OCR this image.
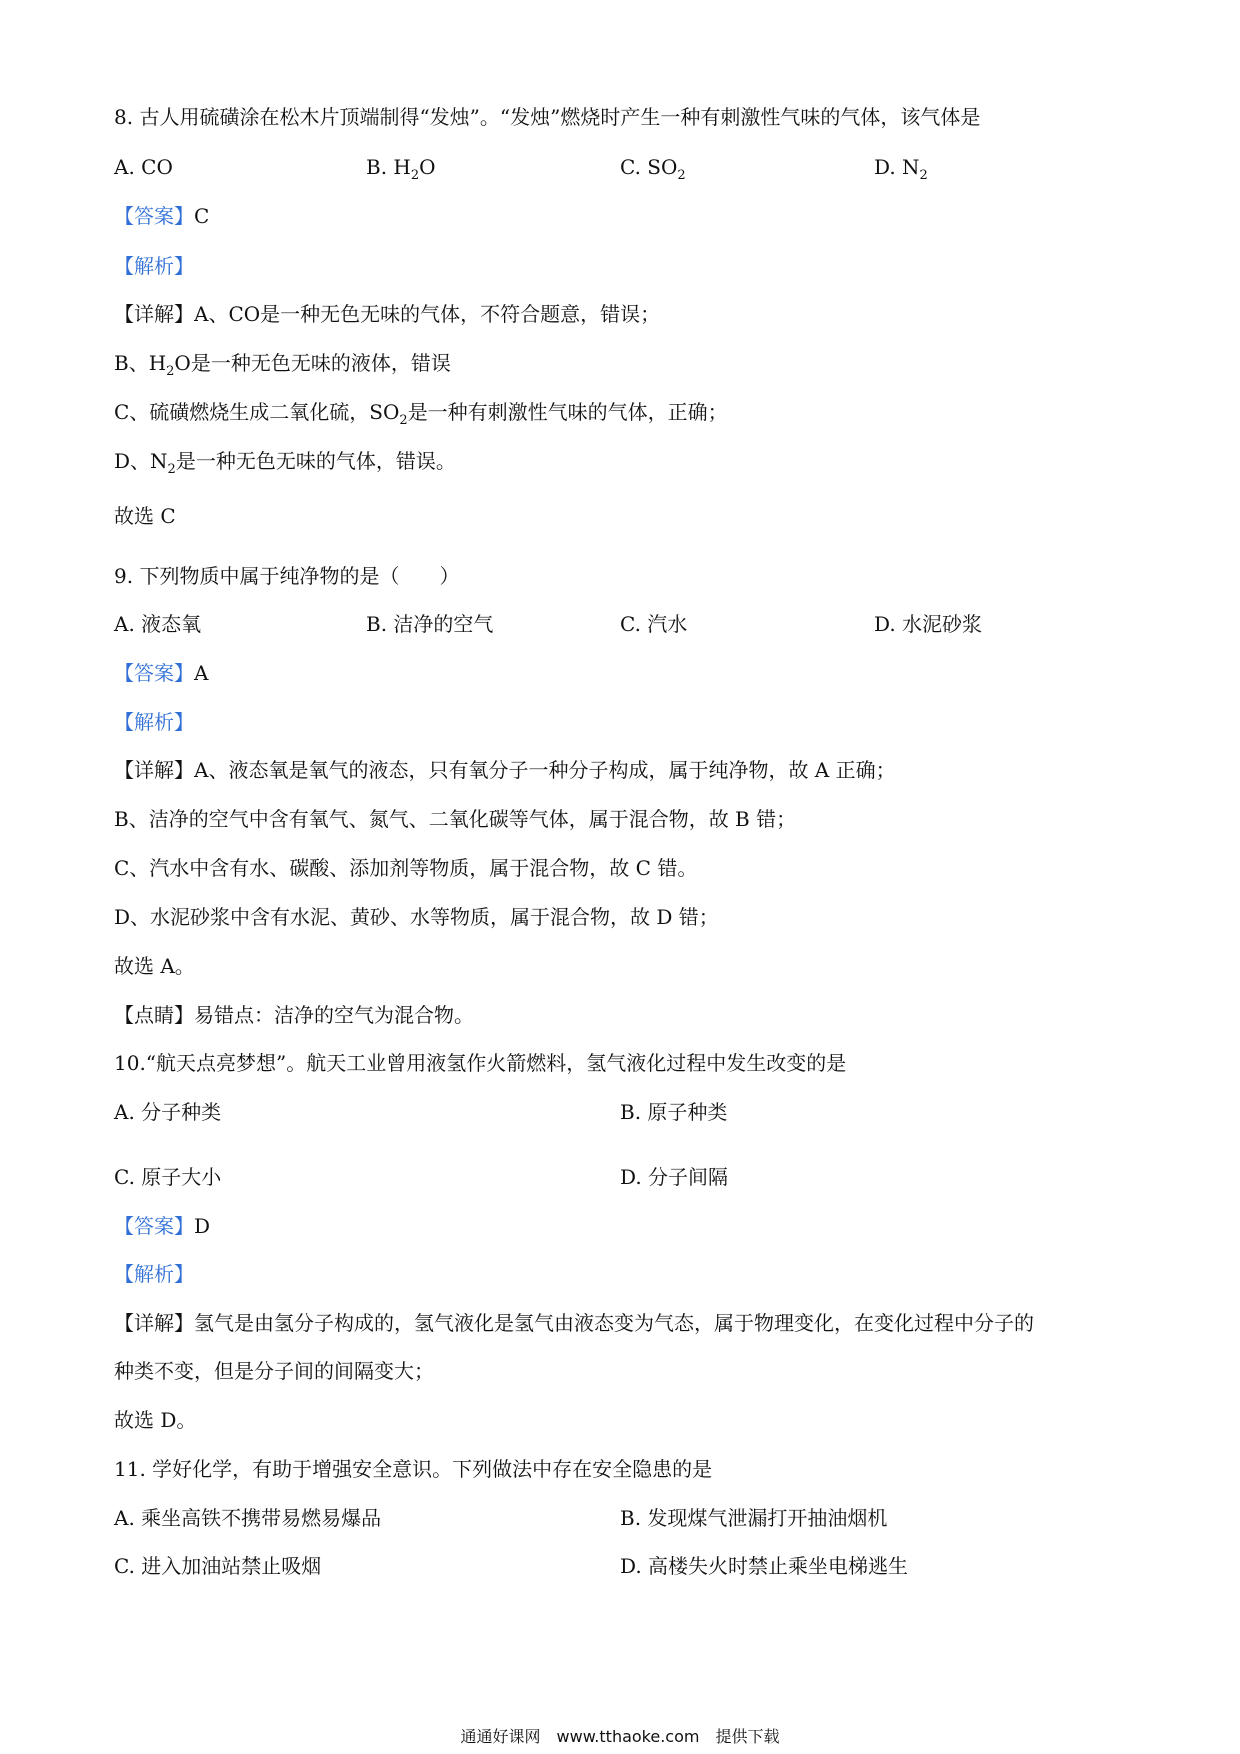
8. 古人用硫磺涂在松木片顶端制得“发烛”。“发烛”燃烧时产生一种有刺激性气味的气体，该气体是
A. CO	B. $H_2O$	C. $SO_2$	D. $N_2$
【答案】C
【解析】
【详解】A、CO是一种无色无味的气体，不符合题意，错误；
B、$H_2O$是一种无色无味的液体，错误
C、硫磺燃烧生成二氧化硫，$SO_2$是一种有刺激性气味的气体，正确；
D、$N_2$是一种无色无味的气体，错误。
故选 C
9. 下列物质中属于纯净物的是（　　）
A. 液态氧	B. 洁净的空气	C. 汽水	D. 水泥砂浆
【答案】A
【解析】
【详解】A、液态氧是氧气的液态，只有氧分子一种分子构成，属于纯净物，故 A 正确；
B、洁净的空气中含有氧气、氮气、二氧化碳等气体，属于混合物，故 B 错；
C、汽水中含有水、碳酸、添加剂等物质，属于混合物，故 C 错。
D、水泥砂浆中含有水泥、黄砂、水等物质，属于混合物，故 D 错；
故选 A。
【点睛】易错点：洁净的空气为混合物。
10.“航天点亮梦想”。航天工业曾用液氢作火箭燃料，氢气液化过程中发生改变的是
A. 分子种类	B. 原子种类
C. 原子大小	D. 分子间隔
【答案】D
【解析】
【详解】氢气是由氢分子构成的，氢气液化是氢气由液态变为气态，属于物理变化，在变化过程中分子的
种类不变，但是分子间的间隔变大；
故选 D。
11. 学好化学，有助于增强安全意识。下列做法中存在安全隐患的是
A. 乘坐高铁不携带易燃易爆品	B. 发现煤气泄漏打开抽油烟机
C. 进入加油站禁止吸烟	D. 高楼失火时禁止乘坐电梯逃生
通通好课网　www.tthaoke.com　提供下载
